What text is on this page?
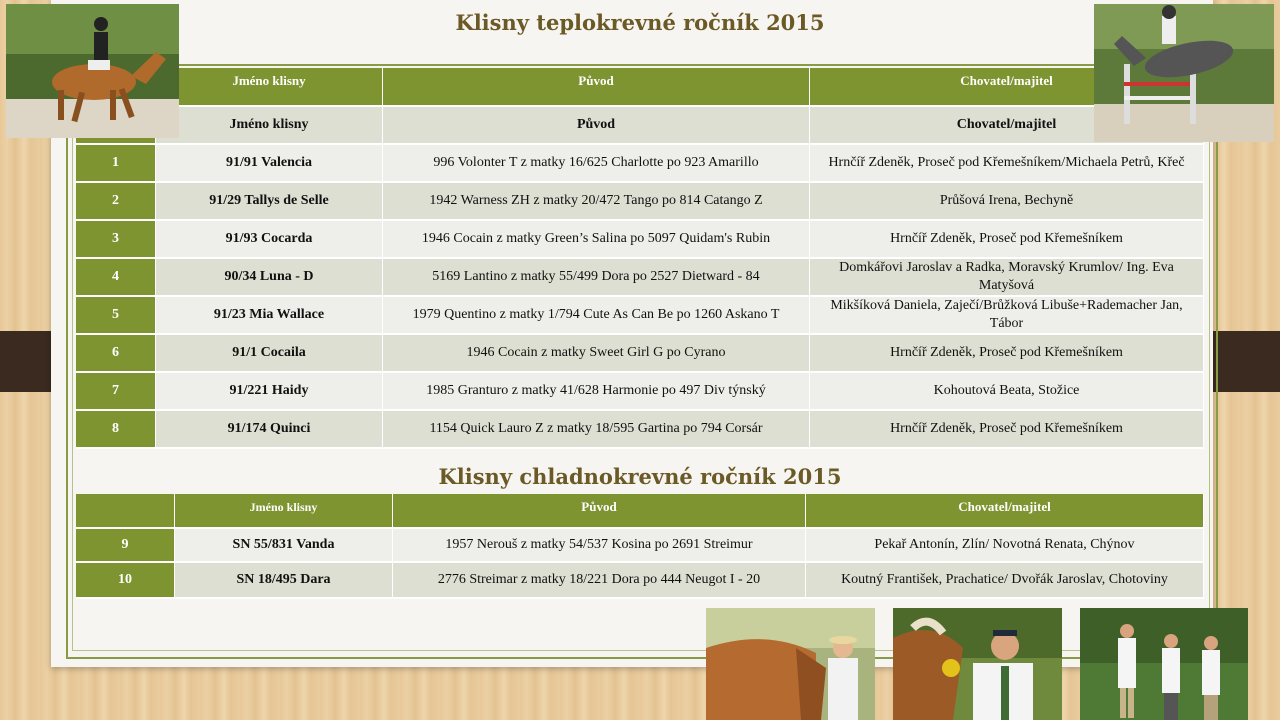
Klisny teplokrevné ročník 2015
	Jméno klisny	Původ	Chovatel/majitel
	Jméno klisny	Původ	Chovatel/majitel
1	91/91 Valencia	996 Volonter T z matky 16/625 Charlotte po 923 Amarillo	Hrnčíř Zdeněk, Proseč pod Křemešníkem/Michaela Petrů, Křeč
2	91/29 Tallys de Selle	1942 Warness ZH z matky 20/472 Tango po 814 Catango Z	Průšová Irena, Bechyně
3	91/93 Cocarda	1946 Cocain z matky Green’s Salina po 5097 Quidam's Rubin	Hrnčíř Zdeněk, Proseč pod Křemešníkem
4	90/34 Luna - D	5169 Lantino z matky 55/499 Dora po 2527 Dietward - 84	Domkářovi Jaroslav a Radka, Moravský Krumlov/ Ing. Eva Matyšová
5	91/23 Mia Wallace	1979 Quentino z matky 1/794 Cute As Can Be po 1260 Askano T	Mikšíková Daniela, Zaječí/Brůžková Libuše+Rademacher Jan, Tábor
6	91/1 Cocaila	1946 Cocain z matky Sweet Girl G po Cyrano	Hrnčíř Zdeněk, Proseč pod Křemešníkem
7	91/221 Haidy	1985 Granturo z matky 41/628 Harmonie po 497 Div týnský	Kohoutová Beata, Stožice
8	91/174 Quinci	1154 Quick Lauro Z z matky 18/595 Gartina po 794 Corsár	Hrnčíř Zdeněk, Proseč pod Křemešníkem
Klisny chladnokrevné ročník 2015
	Jméno klisny	Původ	Chovatel/majitel
9	SN 55/831 Vanda	1957 Nerouš z matky 54/537 Kosina po 2691 Streimur	Pekař Antonín, Zlín/ Novotná Renata, Chýnov
10	SN 18/495 Dara	2776 Streimar z matky 18/221 Dora po 444 Neugot I - 20	Koutný František, Prachatice/ Dvořák Jaroslav, Chotoviny
